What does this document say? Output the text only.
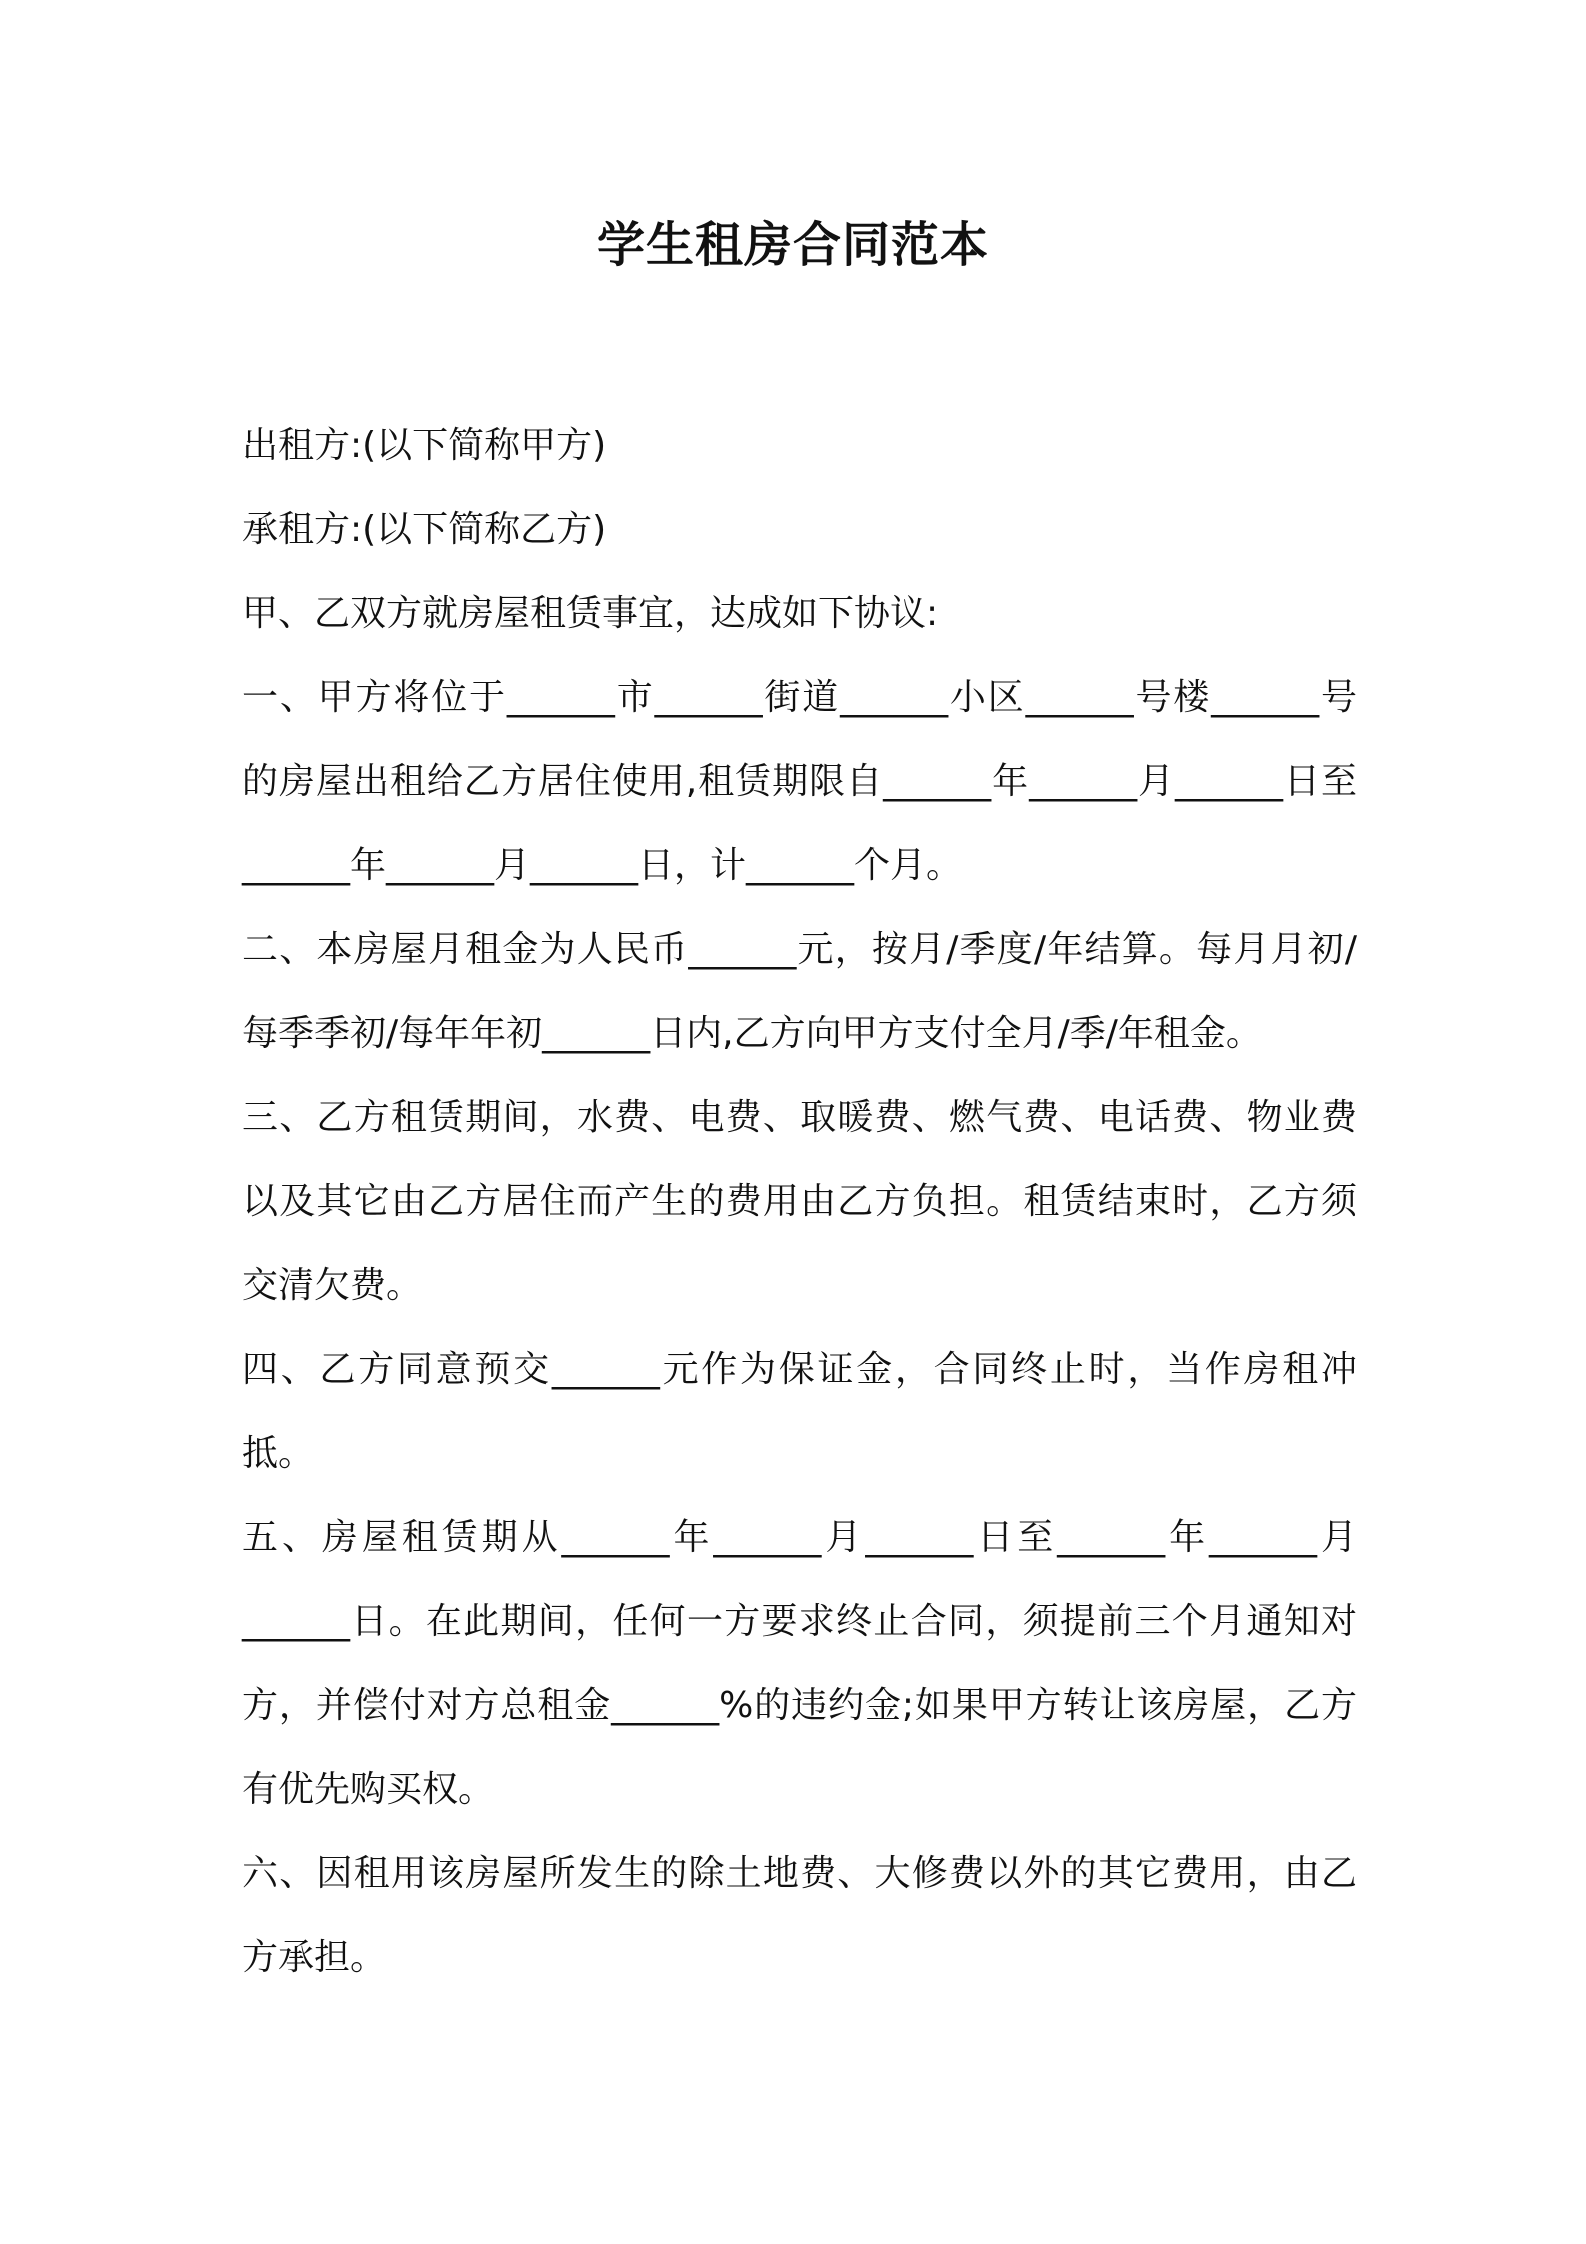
学生租房合同范本

出租方:(以下简称甲方)

承租方:(以下简称乙方)

甲、乙双方就房屋租赁事宜，达成如下协议:

一、甲方将位于______市______街道______小区______号楼______号的房屋出租给乙方居住使用,租赁期限自______年______月______日至______年______月______日，计______个月。

二、本房屋月租金为人民币______元，按月/季度/年结算。每月月初/每季季初/每年年初______日内,乙方向甲方支付全月/季/年租金。

三、乙方租赁期间，水费、电费、取暖费、燃气费、电话费、物业费以及其它由乙方居住而产生的费用由乙方负担。租赁结束时，乙方须交清欠费。

四、乙方同意预交______元作为保证金，合同终止时，当作房租冲抵。

五、房屋租赁期从______年______月______日至______年______月______日。在此期间，任何一方要求终止合同，须提前三个月通知对方，并偿付对方总租金______%的违约金;如果甲方转让该房屋，乙方有优先购买权。

六、因租用该房屋所发生的除土地费、大修费以外的其它费用，由乙方承担。
